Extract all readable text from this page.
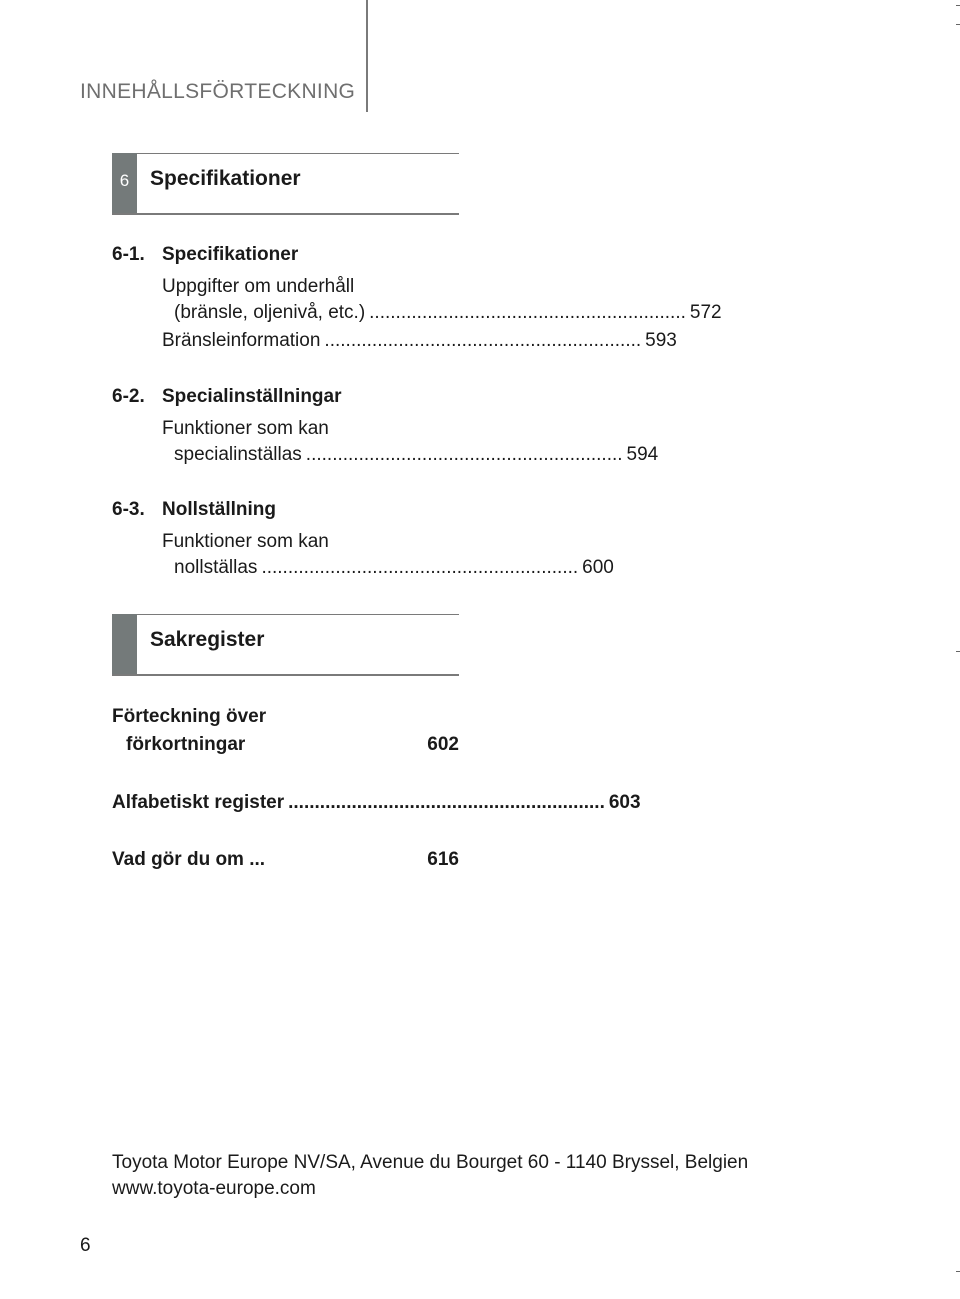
INNEHÅLLSFÖRTECKNING
6 Specifikationer
6-1. Specifikationer
Uppgifter om underhåll
(bränsle, oljenivå, etc.) ............................................................ 572
Bränsleinformation ............................................................ 593
6-2. Specialinställningar
Funktioner som kan
specialinställas ............................................................ 594
6-3. Nollställning
Funktioner som kan
nollställas ............................................................ 600
Sakregister
Förteckning över
förkortningar	602
Alfabetiskt register ............................................................ 603
Vad gör du om ...	616
Toyota Motor Europe NV/SA, Avenue du Bourget 60 - 1140 Bryssel, Belgien
www.toyota-europe.com
6
